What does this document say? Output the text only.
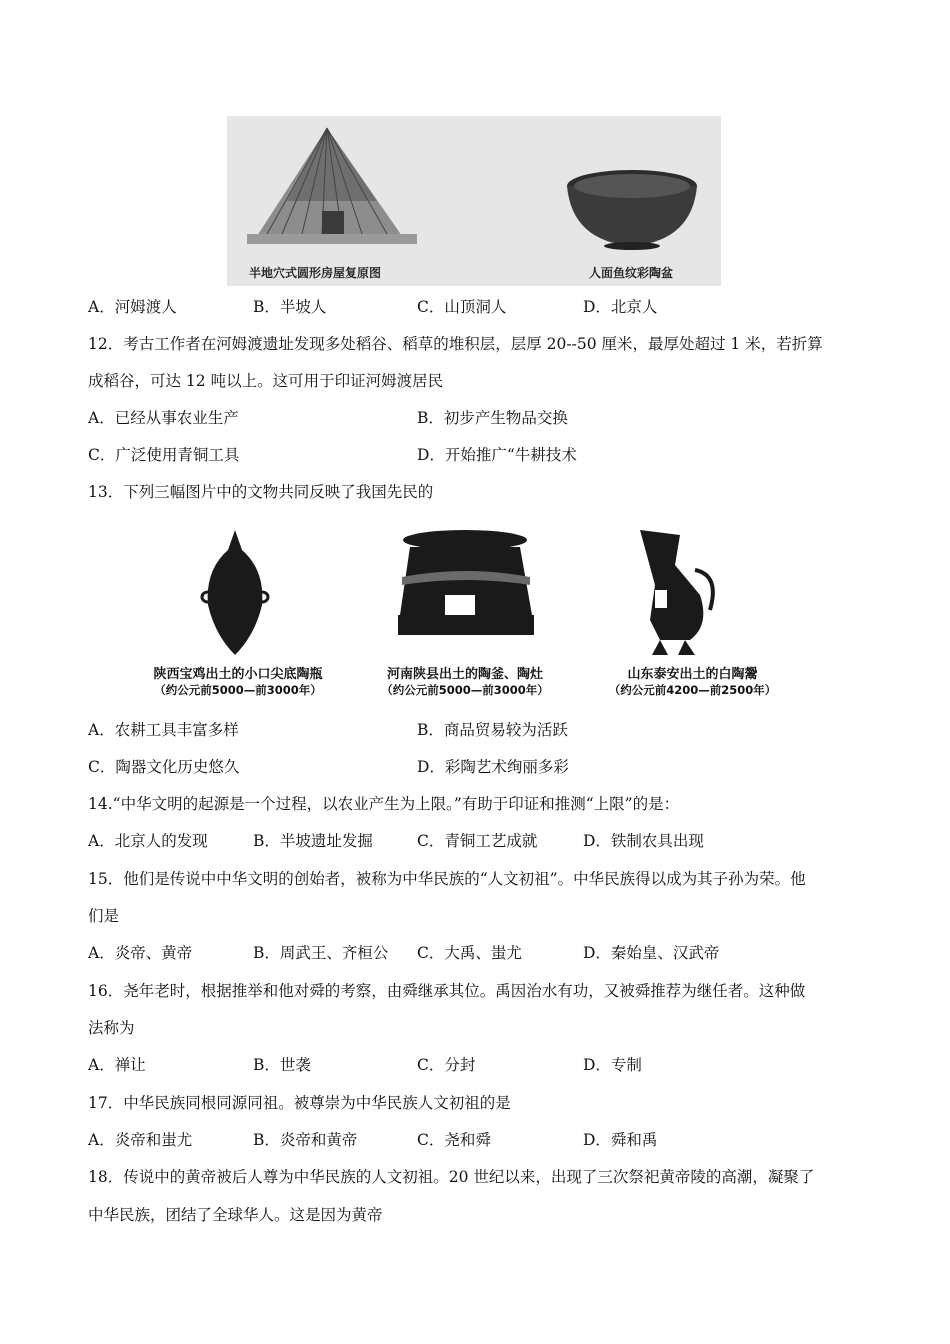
半地穴式圆形房屋复原图	人面鱼纹彩陶盆
A．河姆渡人	B．半坡人	C．山顶洞人	D．北京人
12．考古工作者在河姆渡遗址发现多处稻谷、稻草的堆积层，层厚 20--50 厘米，最厚处超过 1 米，若折算
成稻谷，可达 12 吨以上。这可用于印证河姆渡居民
A．已经从事农业生产	B．初步产生物品交换
C．广泛使用青铜工具	D．开始推广“牛耕技术
13．下列三幅图片中的文物共同反映了我国先民的
陕西宝鸡出土的小口尖底陶瓶
（约公元前5000—前3000年）
河南陕县出土的陶釜、陶灶
（约公元前5000—前3000年）
山东泰安出土的白陶鬶
（约公元前4200—前2500年）
A．农耕工具丰富多样	B．商品贸易较为活跃
C．陶器文化历史悠久	D．彩陶艺术绚丽多彩
14.“中华文明的起源是一个过程，以农业产生为上限。”有助于印证和推测“上限”的是：
A．北京人的发现	B．半坡遗址发掘	C．青铜工艺成就	D．铁制农具出现
15．他们是传说中中华文明的创始者，被称为中华民族的“人文初祖”。中华民族得以成为其子孙为荣。他
们是
A．炎帝、黄帝	B．周武王、齐桓公 C．大禹、蚩尤	D．秦始皇、汉武帝
16．尧年老时，根据推举和他对舜的考察，由舜继承其位。禹因治水有功，又被舜推荐为继任者。这种做
法称为
A．禅让	B．世袭	C．分封	D．专制
17．中华民族同根同源同祖。被尊崇为中华民族人文初祖的是
A．炎帝和蚩尤	B．炎帝和黄帝	C．尧和舜	D．舜和禹
18．传说中的黄帝被后人尊为中华民族的人文初祖。20 世纪以来，出现了三次祭祀黄帝陵的高潮，凝聚了
中华民族，团结了全球华人。这是因为黄帝
